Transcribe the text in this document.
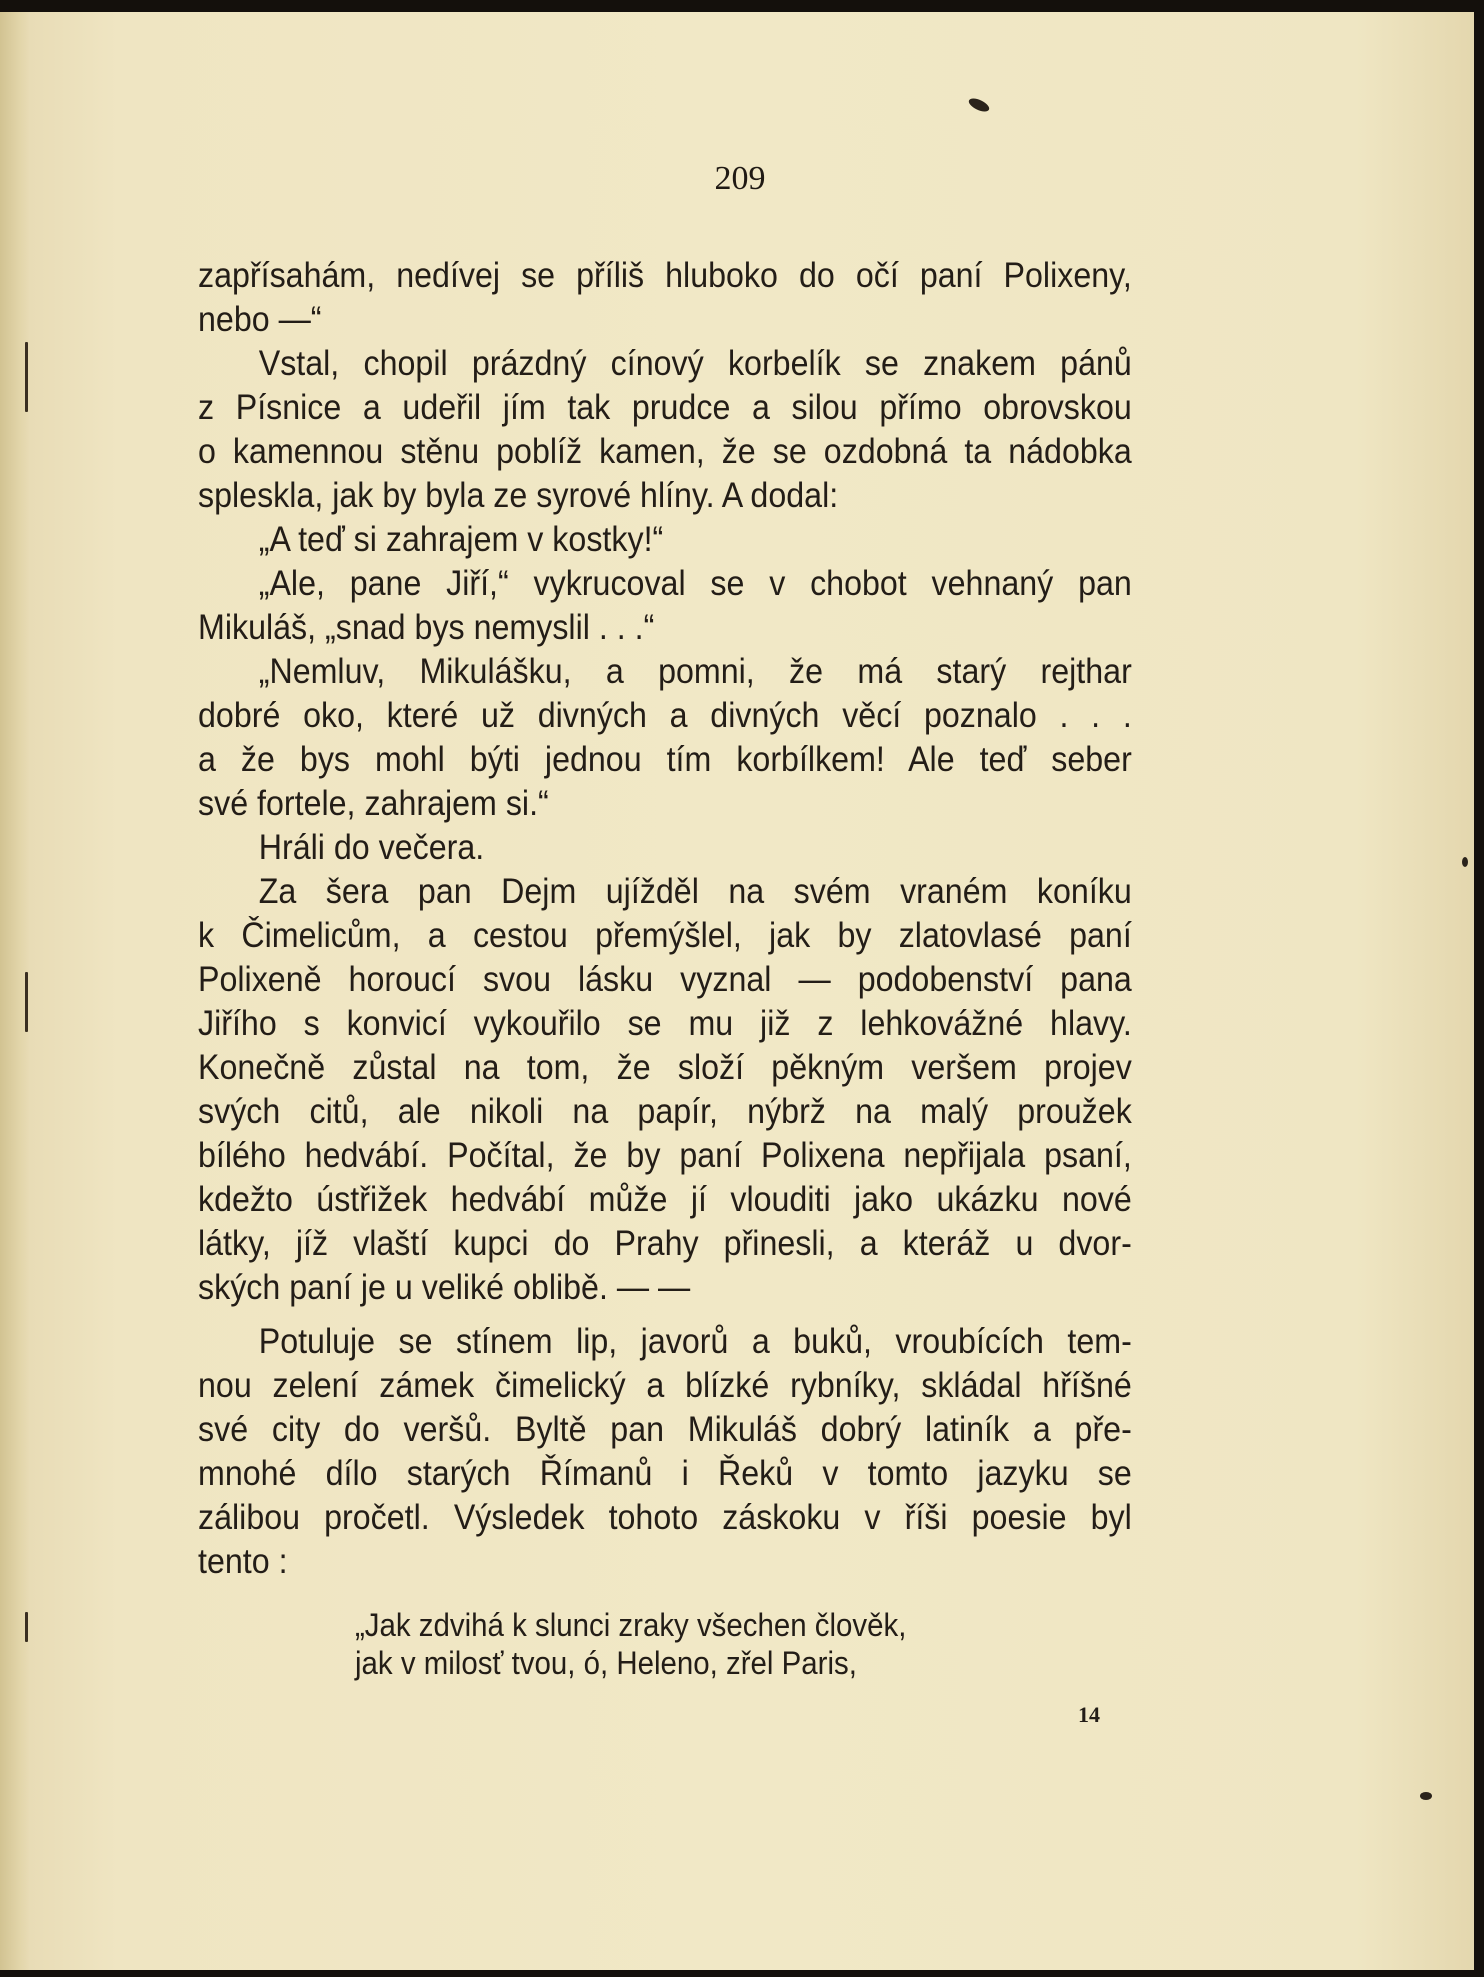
209

zapřísahám, nedívej se příliš hluboko do očí paní Polixeny,

nebo —“

Vstal, chopil prázdný cínový korbelík se znakem pánů

z Písnice a udeřil jím tak prudce a silou přímo obrovskou

o kamennou stěnu poblíž kamen, že se ozdobná ta nádobka

spleskla, jak by byla ze syrové hlíny. A dodal:

„A teď si zahrajem v kostky!“

„Ale, pane Jiří,“ vykrucoval se v chobot vehnaný pan

Mikuláš, „snad bys nemyslil . . .“

„Nemluv, Mikulášku, a pomni, že má starý rejthar

dobré oko, které už divných a divných věcí poznalo . . .

a že bys mohl býti jednou tím korbílkem! Ale teď seber

své fortele, zahrajem si.“

Hráli do večera.

Za šera pan Dejm ujížděl na svém vraném koníku

k Čimelicům, a cestou přemýšlel, jak by zlatovlasé paní

Polixeně horoucí svou lásku vyznal — podobenství pana

Jiřího s konvicí vykouřilo se mu již z lehkovážné hlavy.

Konečně zůstal na tom, že složí pěkným veršem projev

svých citů, ale nikoli na papír, nýbrž na malý proužek

bílého hedvábí. Počítal, že by paní Polixena nepřijala psaní,

kdežto ústřižek hedvábí může jí vlouditi jako ukázku nové

látky, jíž vlaští kupci do Prahy přinesli, a kteráž u dvor-

ských paní je u veliké oblibě. — —

Potuluje se stínem lip, javorů a buků, vroubících tem-

nou zelení zámek čimelický a blízké rybníky, skládal hříšné

své city do veršů. Byltě pan Mikuláš dobrý latiník a pře-

mnohé dílo starých Římanů i Řeků v tomto jazyku se

zálibou pročetl. Výsledek tohoto záskoku v říši poesie byl

tento :

„Jak zdvihá k slunci zraky všechen člověk,

jak v milosť tvou, ó, Heleno, zřel Paris,

14
